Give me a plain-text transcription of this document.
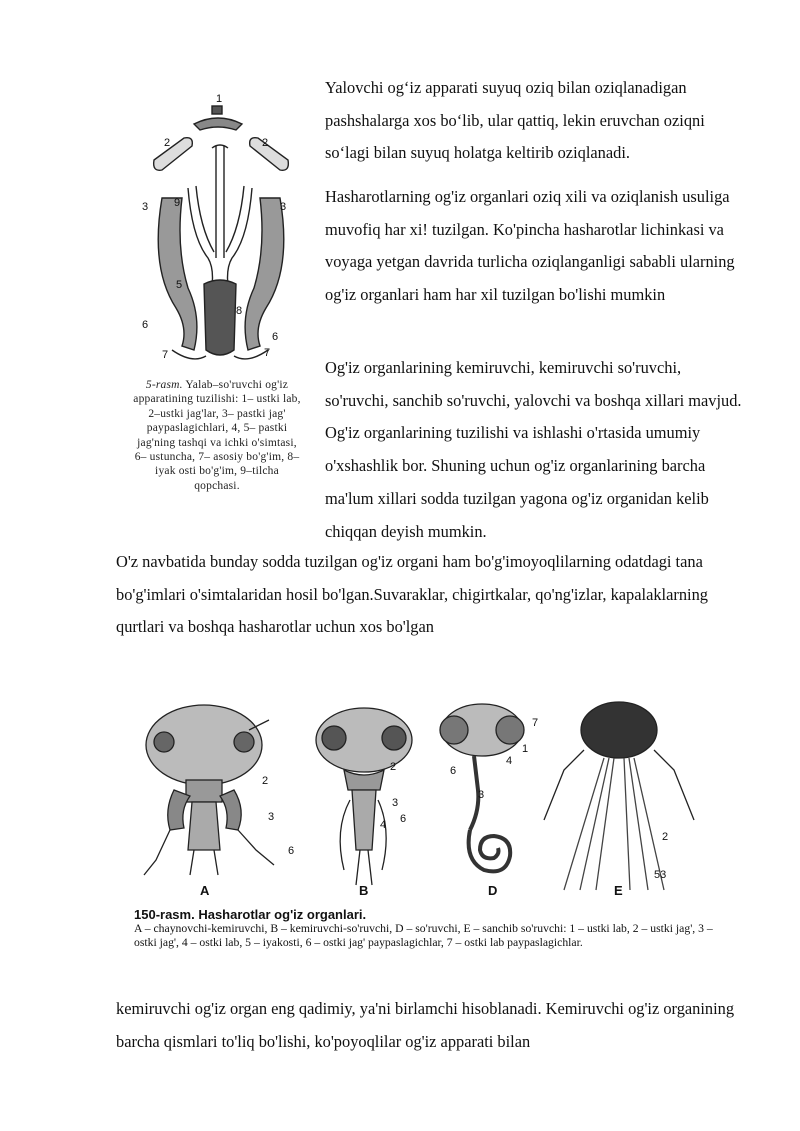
1
2	2
3 9	3
5
8
6
6
7	7
5-rasm. Yalab–so'ruvchi og'iz apparatining tuzilishi: 1– ustki lab, 2–ustki jag'lar, 3– pastki jag' paypaslagichlari, 4, 5– pastki jag'ning tashqi va ichki o'simtasi, 6– ustuncha, 7– asosiy bo'g'im, 8– iyak osti bo'g'im, 9–tilcha qopchasi.

Yalovchi og‘iz apparati suyuq oziq bilan oziqlanadigan pashshalarga xos bo‘lib, ular qattiq, lekin eruvchan oziqni so‘lagi bilan suyuq holatga keltirib oziqlanadi.

Hasharotlarning og'iz organlari oziq xili va oziqlanish usuliga muvofiq har xi! tuzilgan. Ko'pincha hasharotlar lichinkasi va voyaga yetgan davrida turlicha oziqlanganligi sababli ularning og'iz organlari ham har xil tuzilgan bo'lishi mumkin

Og'iz organlarining kemiruvchi, kemiruvchi so'ruvchi, so'ruvchi, sanchib so'ruvchi, yalovchi va boshqa xillari mavjud. Og'iz organlarining tuzilishi va ishlashi o'rtasida umumiy o'xshashlik bor. Shuning uchun og'iz organlarining barcha ma'lum xillari sodda tuzilgan yagona og'iz organidan kelib chiqqan deyish mumkin.

O'z navbatida bunday sodda tuzilgan og'iz organi ham bo'g'imoyoqlilarning odatdagi tana bo'g'imlari o'simtalaridan hosil bo'lgan.Suvaraklar, chigirtkalar, qo'ng'izlar, kapalaklarning qurtlari va boshqa hasharotlar uchun xos bo'lgan

A	B	D	E
2
3
6
2
3
6
4
7
1
4
6
3
2
53
150-rasm. Hasharotlar og'iz organlari.
A – chaynovchi-kemiruvchi, B – kemiruvchi-so'ruvchi, D – so'ruvchi, E – sanchib so'ruvchi: 1 – ustki lab, 2 – ustki jag', 3 – ostki jag', 4 – ostki lab, 5 – iyakosti, 6 – ostki jag' paypaslagichlar, 7 – ostki lab paypaslagichlar.

kemiruvchi og'iz organ eng qadimiy, ya'ni birlamchi hisoblanadi. Kemiruvchi og'iz organining barcha qismlari to'liq bo'lishi, ko'poyoqlilar og'iz apparati bilan
